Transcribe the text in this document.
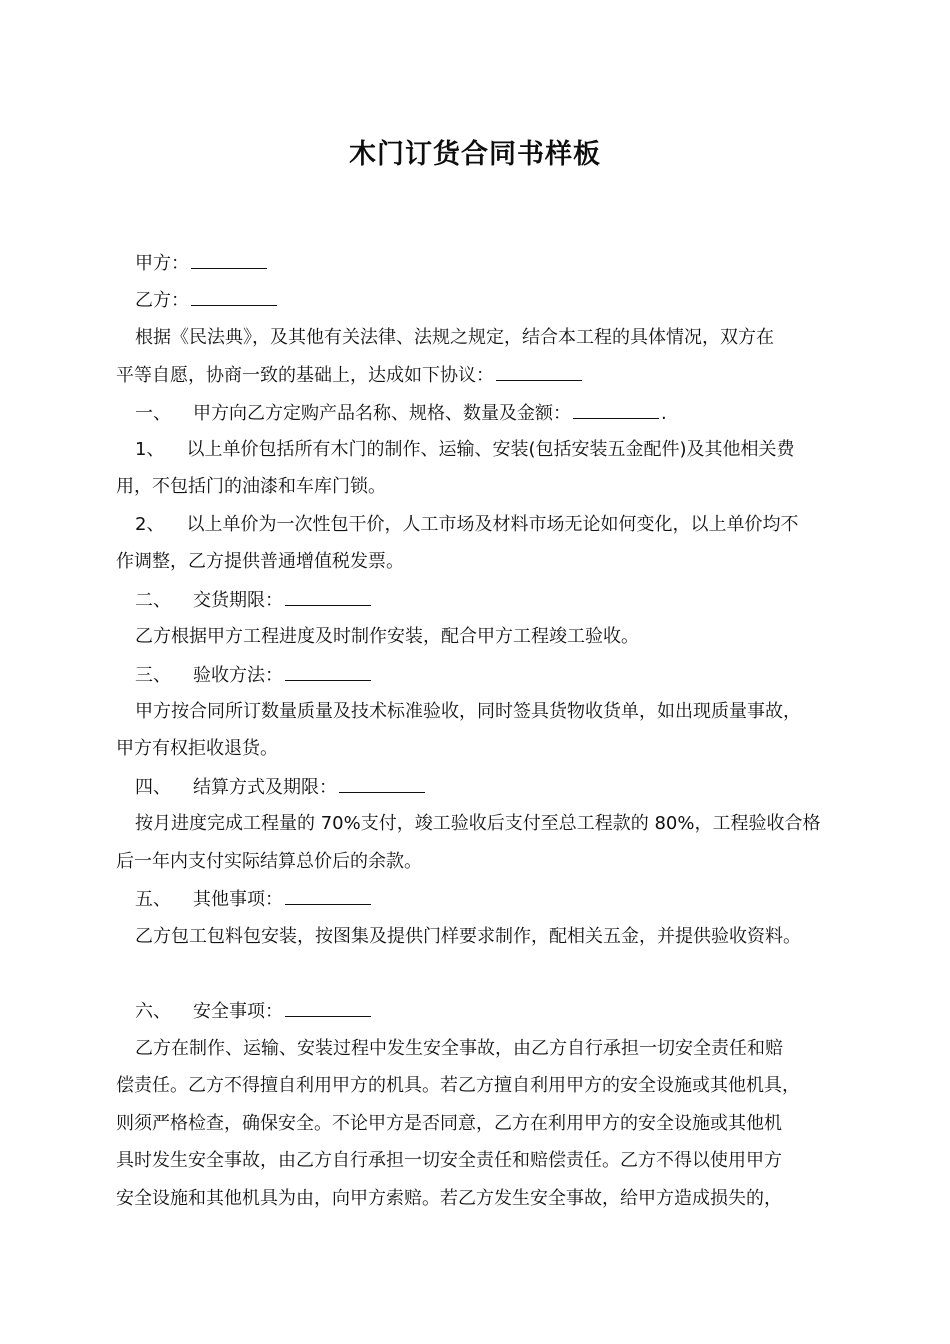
木门订货合同书样板
甲方：
乙方：
根据《民法典》，及其他有关法律、法规之规定，结合本工程的具体情况，双方在
平等自愿，协商一致的基础上，达成如下协议：
一、 甲方向乙方定购产品名称、规格、数量及金额：	.
1、 以上单价包括所有木门的制作、运输、安装(包括安装五金配件)及其他相关费
用，不包括门的油漆和车库门锁。
2、 以上单价为一次性包干价，人工市场及材料市场无论如何变化，以上单价均不
作调整，乙方提供普通增值税发票。
二、 交货期限：
乙方根据甲方工程进度及时制作安装，配合甲方工程竣工验收。
三、 验收方法：
甲方按合同所订数量质量及技术标准验收，同时签具货物收货单，如出现质量事故，
甲方有权拒收退货。
四、 结算方式及期限：
按月进度完成工程量的 70%支付，竣工验收后支付至总工程款的 80%，工程验收合格
后一年内支付实际结算总价后的余款。
五、 其他事项：
乙方包工包料包安装，按图集及提供门样要求制作，配相关五金，并提供验收资料。
六、 安全事项：
乙方在制作、运输、安装过程中发生安全事故，由乙方自行承担一切安全责任和赔
偿责任。乙方不得擅自利用甲方的机具。若乙方擅自利用甲方的安全设施或其他机具，
则须严格检查，确保安全。不论甲方是否同意，乙方在利用甲方的安全设施或其他机
具时发生安全事故，由乙方自行承担一切安全责任和赔偿责任。乙方不得以使用甲方
安全设施和其他机具为由，向甲方索赔。若乙方发生安全事故，给甲方造成损失的，
